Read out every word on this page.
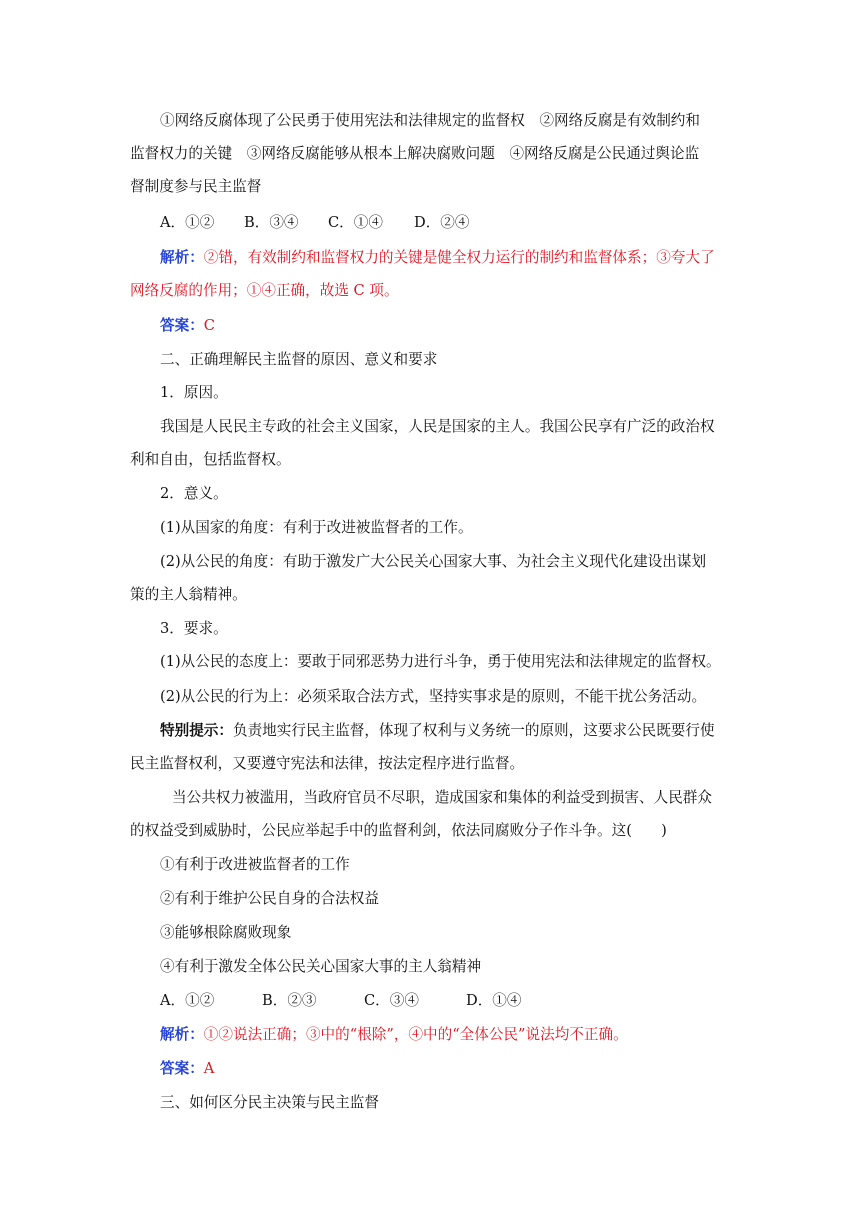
①网络反腐体现了公民勇于使用宪法和法律规定的监督权　②网络反腐是有效制约和

监督权力的关键　③网络反腐能够从根本上解决腐败问题　④网络反腐是公民通过舆论监

督制度参与民主监督

A．①② B．③④ C．①④ D．②④

解析：②错，有效制约和监督权力的关键是健全权力运行的制约和监督体系；③夸大了

网络反腐的作用；①④正确，故选 C 项。

答案：C

二、正确理解民主监督的原因、意义和要求

1．原因。

我国是人民民主专政的社会主义国家，人民是国家的主人。我国公民享有广泛的政治权

利和自由，包括监督权。

2．意义。

(1)从国家的角度：有利于改进被监督者的工作。

(2)从公民的角度：有助于激发广大公民关心国家大事、为社会主义现代化建设出谋划

策的主人翁精神。

3．要求。

(1)从公民的态度上：要敢于同邪恶势力进行斗争，勇于使用宪法和法律规定的监督权。

(2)从公民的行为上：必须采取合法方式，坚持实事求是的原则，不能干扰公务活动。

特别提示：负责地实行民主监督，体现了权利与义务统一的原则，这要求公民既要行使

民主监督权利，又要遵守宪法和法律，按法定程序进行监督。

当公共权力被滥用，当政府官员不尽职，造成国家和集体的利益受到损害、人民群众

的权益受到威胁时，公民应举起手中的监督利剑，依法同腐败分子作斗争。这(　　)

①有利于改进被监督者的工作

②有利于维护公民自身的合法权益

③能够根除腐败现象

④有利于激发全体公民关心国家大事的主人翁精神

A．①②	B．②③	C．③④	D．①④

解析：①②说法正确；③中的“根除”，④中的“全体公民”说法均不正确。

答案：A

三、如何区分民主决策与民主监督
